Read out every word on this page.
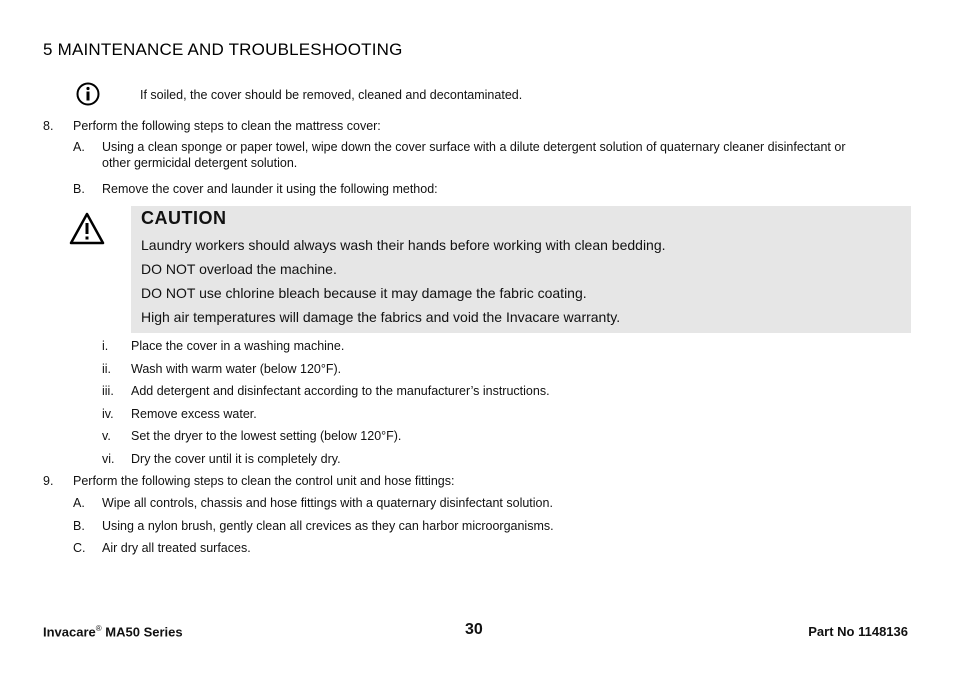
5 MAINTENANCE AND TROUBLESHOOTING
If soiled, the cover should be removed, cleaned and decontaminated.
8. Perform the following steps to clean the mattress cover:
A. Using a clean sponge or paper towel, wipe down the cover surface with a dilute detergent solution of quaternary cleaner disinfectant or
other germicidal detergent solution.
B. Remove the cover and launder it using the following method:
CAUTION
Laundry workers should always wash their hands before working with clean bedding.
DO NOT overload the machine.
DO NOT use chlorine bleach because it may damage the fabric coating.
High air temperatures will damage the fabrics and void the Invacare warranty.
i. Place the cover in a washing machine.
ii. Wash with warm water (below 120°F).
iii. Add detergent and disinfectant according to the manufacturer’s instructions.
iv. Remove excess water.
v. Set the dryer to the lowest setting (below 120°F).
vi. Dry the cover until it is completely dry.
9. Perform the following steps to clean the control unit and hose fittings:
A. Wipe all controls, chassis and hose fittings with a quaternary disinfectant solution.
B. Using a nylon brush, gently clean all crevices as they can harbor microorganisms.
C. Air dry all treated surfaces.
Invacare® MA50 Series	30	Part No 1148136
